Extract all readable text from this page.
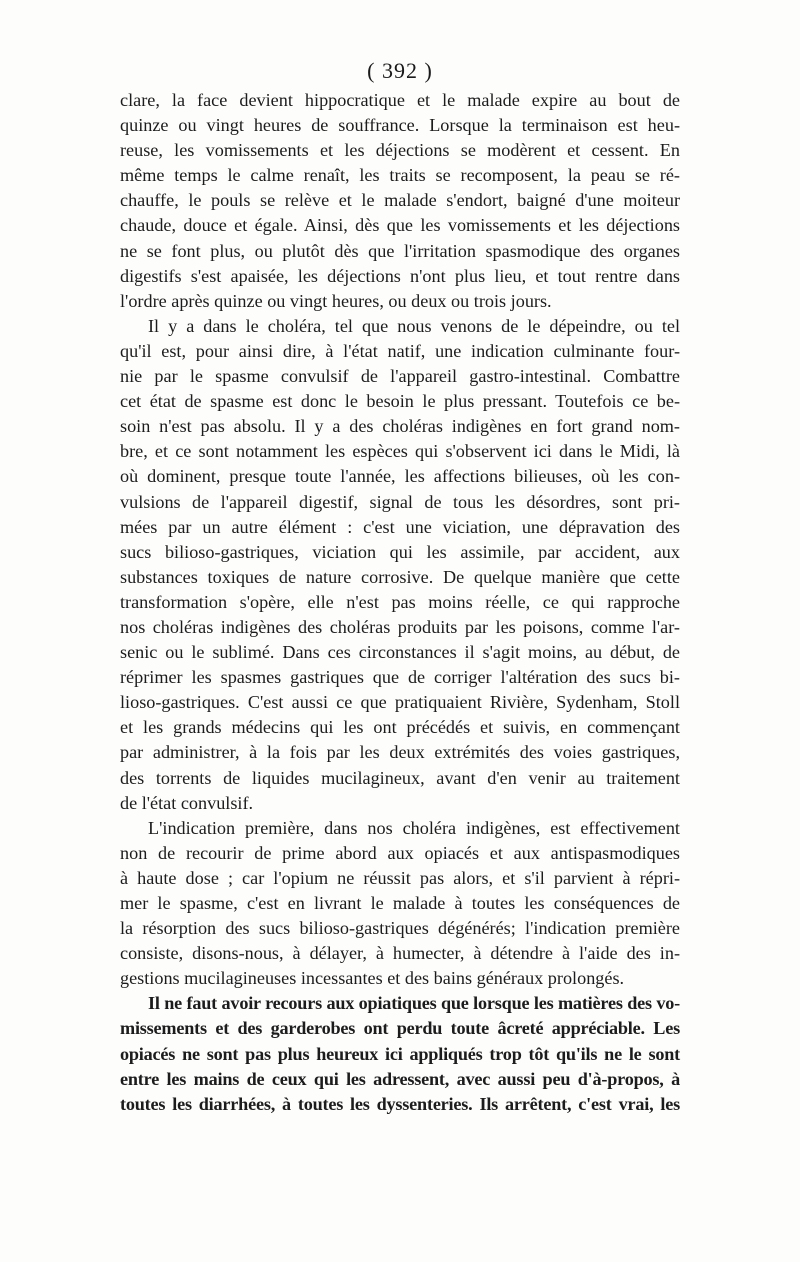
( 392 )
clare, la face devient hippocratique et le malade expire au bout de
quinze ou vingt heures de souffrance. Lorsque la terminaison est heu-
reuse, les vomissements et les déjections se modèrent et cessent. En
même temps le calme renaît, les traits se recomposent, la peau se ré-
chauffe, le pouls se relève et le malade s'endort, baigné d'une moiteur
chaude, douce et égale. Ainsi, dès que les vomissements et les déjections
ne se font plus, ou plutôt dès que l'irritation spasmodique des organes
digestifs s'est apaisée, les déjections n'ont plus lieu, et tout rentre dans
l'ordre après quinze ou vingt heures, ou deux ou trois jours.
Il y a dans le choléra, tel que nous venons de le dépeindre, ou tel
qu'il est, pour ainsi dire, à l'état natif, une indication culminante four-
nie par le spasme convulsif de l'appareil gastro-intestinal. Combattre
cet état de spasme est donc le besoin le plus pressant. Toutefois ce be-
soin n'est pas absolu. Il y a des choléras indigènes en fort grand nom-
bre, et ce sont notamment les espèces qui s'observent ici dans le Midi, là
où dominent, presque toute l'année, les affections bilieuses, où les con-
vulsions de l'appareil digestif, signal de tous les désordres, sont pri-
mées par un autre élément : c'est une viciation, une dépravation des
sucs bilioso-gastriques, viciation qui les assimile, par accident, aux
substances toxiques de nature corrosive. De quelque manière que cette
transformation s'opère, elle n'est pas moins réelle, ce qui rapproche
nos choléras indigènes des choléras produits par les poisons, comme l'ar-
senic ou le sublimé. Dans ces circonstances il s'agit moins, au début, de
réprimer les spasmes gastriques que de corriger l'altération des sucs bi-
lioso-gastriques. C'est aussi ce que pratiquaient Rivière, Sydenham, Stoll
et les grands médecins qui les ont précédés et suivis, en commençant
par administrer, à la fois par les deux extrémités des voies gastriques,
des torrents de liquides mucilagineux, avant d'en venir au traitement
de l'état convulsif.
L'indication première, dans nos choléra indigènes, est effectivement
non de recourir de prime abord aux opiacés et aux antispasmodiques
à haute dose ; car l'opium ne réussit pas alors, et s'il parvient à répri-
mer le spasme, c'est en livrant le malade à toutes les conséquences de
la résorption des sucs bilioso-gastriques dégénérés; l'indication première
consiste, disons-nous, à délayer, à humecter, à détendre à l'aide des in-
gestions mucilagineuses incessantes et des bains généraux prolongés.
Il ne faut avoir recours aux opiatiques que lorsque les matières des vo-
missements et des garderobes ont perdu toute âcreté appréciable. Les
opiacés ne sont pas plus heureux ici appliqués trop tôt qu'ils ne le sont
entre les mains de ceux qui les adressent, avec aussi peu d'à-propos, à
toutes les diarrhées, à toutes les dyssenteries. Ils arrêtent, c'est vrai, les
